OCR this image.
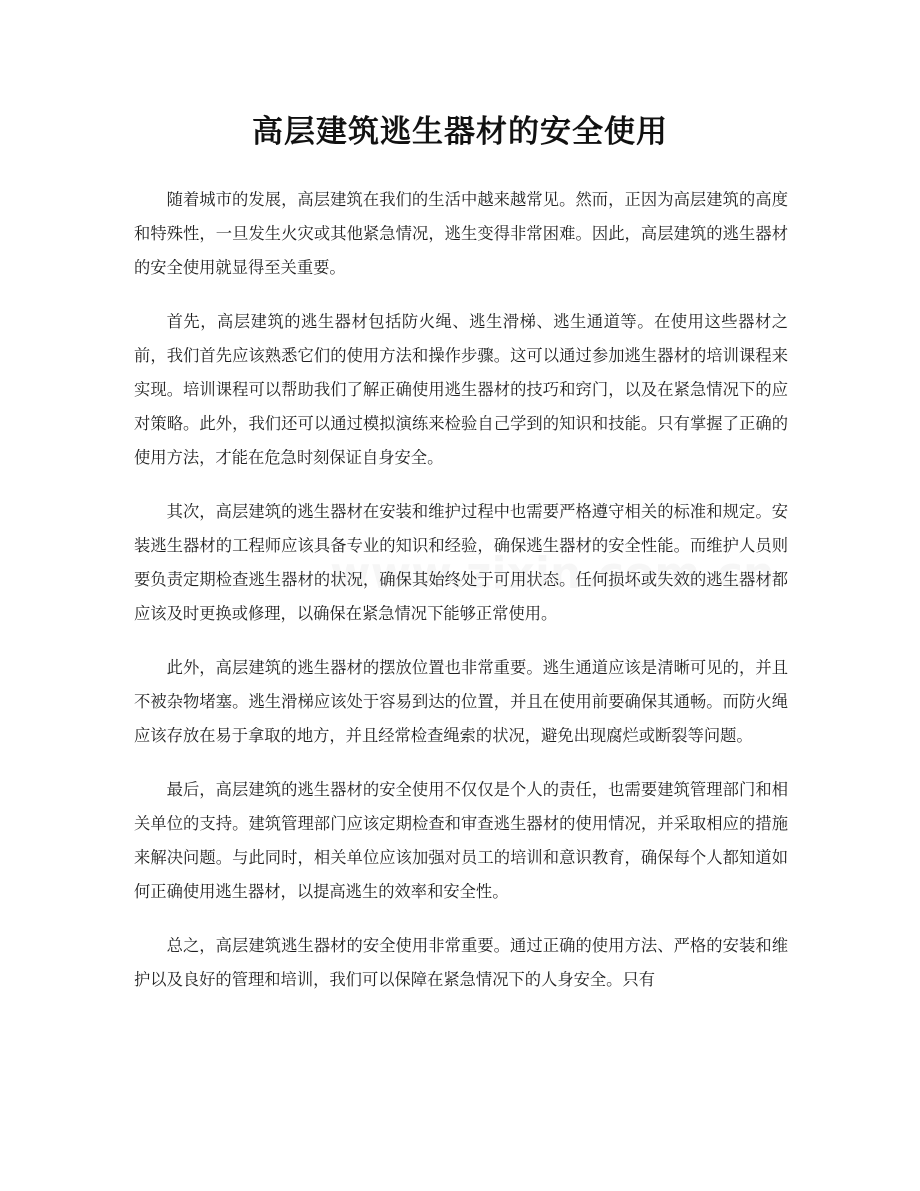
高层建筑逃生器材的安全使用

随着城市的发展，高层建筑在我们的生活中越来越常见。然而，正因为高层建筑的高度和特殊性，一旦发生火灾或其他紧急情况，逃生变得非常困难。因此，高层建筑的逃生器材的安全使用就显得至关重要。

首先，高层建筑的逃生器材包括防火绳、逃生滑梯、逃生通道等。在使用这些器材之前，我们首先应该熟悉它们的使用方法和操作步骤。这可以通过参加逃生器材的培训课程来实现。培训课程可以帮助我们了解正确使用逃生器材的技巧和窍门，以及在紧急情况下的应对策略。此外，我们还可以通过模拟演练来检验自己学到的知识和技能。只有掌握了正确的使用方法，才能在危急时刻保证自身安全。

其次，高层建筑的逃生器材在安装和维护过程中也需要严格遵守相关的标准和规定。安装逃生器材的工程师应该具备专业的知识和经验，确保逃生器材的安全性能。而维护人员则要负责定期检查逃生器材的状况，确保其始终处于可用状态。任何损坏或失效的逃生器材都应该及时更换或修理，以确保在紧急情况下能够正常使用。

此外，高层建筑的逃生器材的摆放位置也非常重要。逃生通道应该是清晰可见的，并且不被杂物堵塞。逃生滑梯应该处于容易到达的位置，并且在使用前要确保其通畅。而防火绳应该存放在易于拿取的地方，并且经常检查绳索的状况，避免出现腐烂或断裂等问题。

最后，高层建筑的逃生器材的安全使用不仅仅是个人的责任，也需要建筑管理部门和相关单位的支持。建筑管理部门应该定期检查和审查逃生器材的使用情况，并采取相应的措施来解决问题。与此同时，相关单位应该加强对员工的培训和意识教育，确保每个人都知道如何正确使用逃生器材，以提高逃生的效率和安全性。

总之，高层建筑逃生器材的安全使用非常重要。通过正确的使用方法、严格的安装和维护以及良好的管理和培训，我们可以保障在紧急情况下的人身安全。只有
